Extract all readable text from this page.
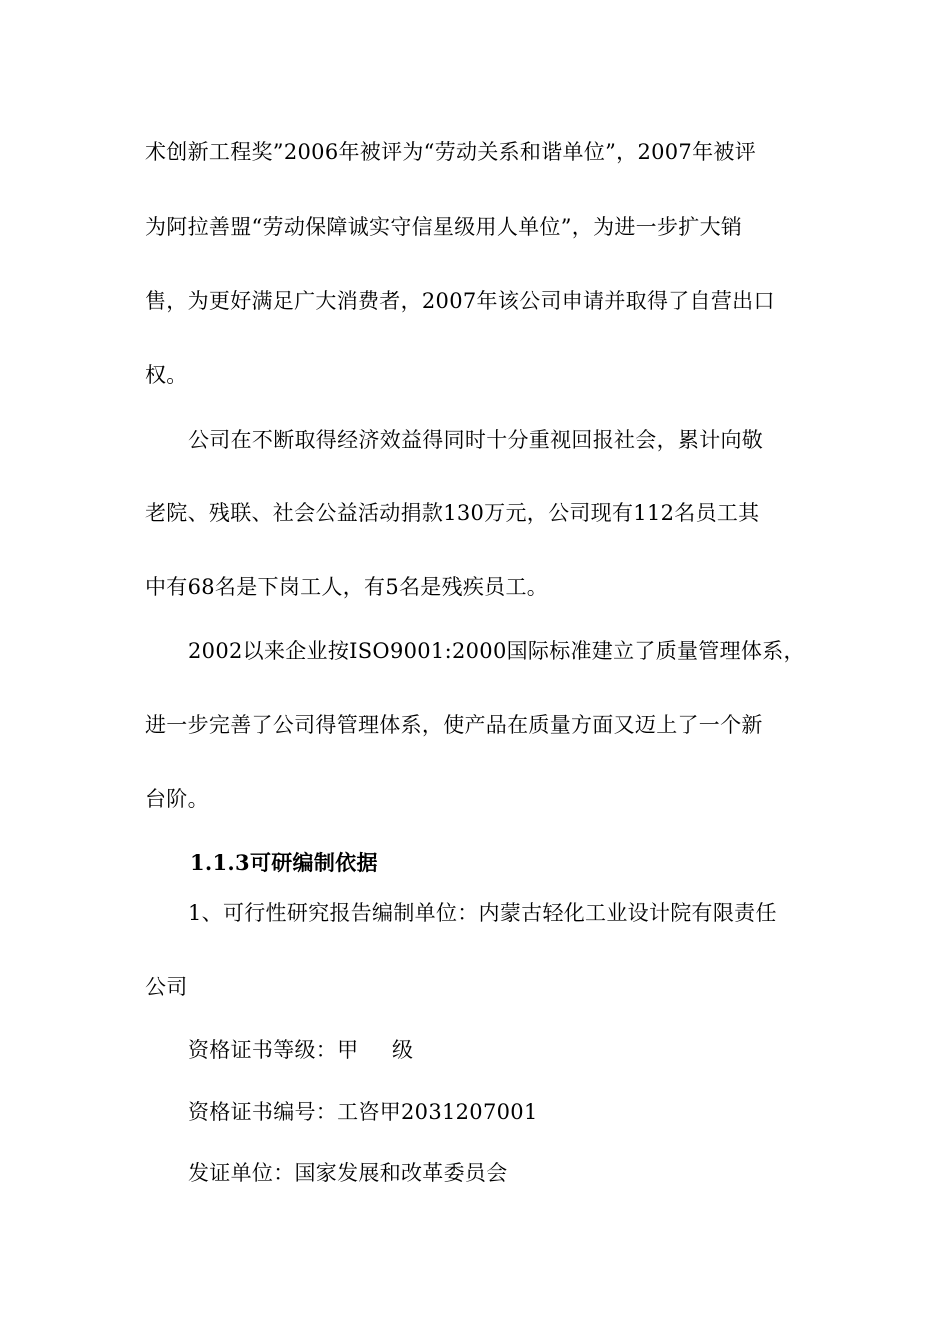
术创新工程奖”2006年被评为“劳动关系和谐单位”，2007年被评
为阿拉善盟“劳动保障诚实守信星级用人单位”，为进一步扩大销
售，为更好满足广大消费者，2007年该公司申请并取得了自营出口
权。
公司在不断取得经济效益得同时十分重视回报社会，累计向敬
老院、残联、社会公益活动捐款130万元，公司现有112名员工其
中有68名是下岗工人，有5名是残疾员工。
2002以来企业按ISO9001:2000国际标准建立了质量管理体系，
进一步完善了公司得管理体系，使产品在质量方面又迈上了一个新
台阶。
1.1.3可研编制依据
1、可行性研究报告编制单位：内蒙古轻化工业设计院有限责任
公司
资格证书等级：甲 级
资格证书编号：工咨甲2031207001
发证单位：国家发展和改革委员会
